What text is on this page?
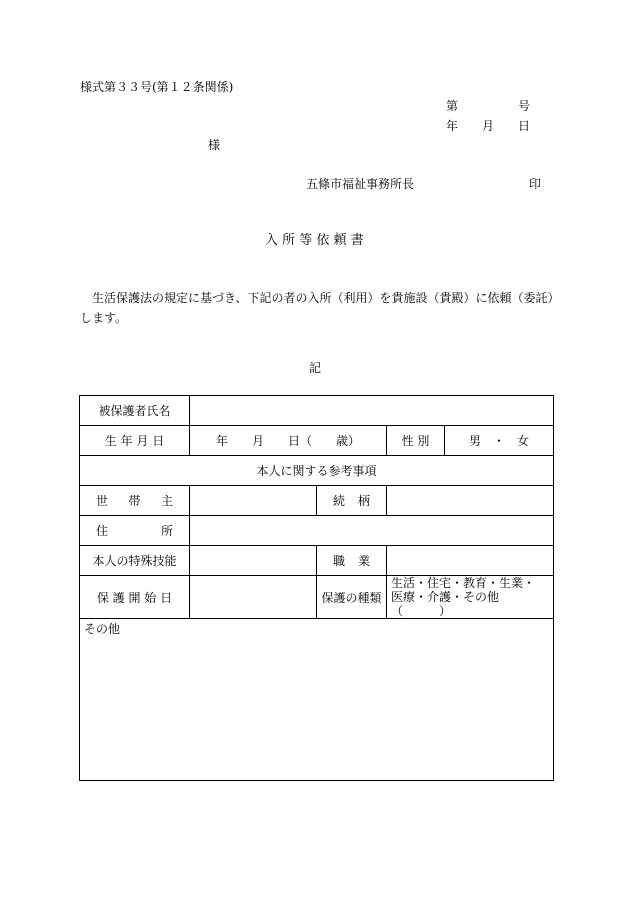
様式第３３号(第１２条関係)
第	号
年 月 日
様
五條市福祉事務所長	印
入 所 等 依 頼 書
生活保護法の規定に基づき、下記の者の入所（利用）を貴施設（貴殿）に依頼（委託）します。
記
被保護者氏名				
生 年 月 日	年　　月　　日（　　歳）		性 別	男　・　女
本人に関する参考事項				
世帯主		続柄		
住所				
本人の特殊技能		職業		
保 護 開 始 日		保護の種類	生活・住宅・教育・生業・
医療・介護・その他（　　　）	
その他				
